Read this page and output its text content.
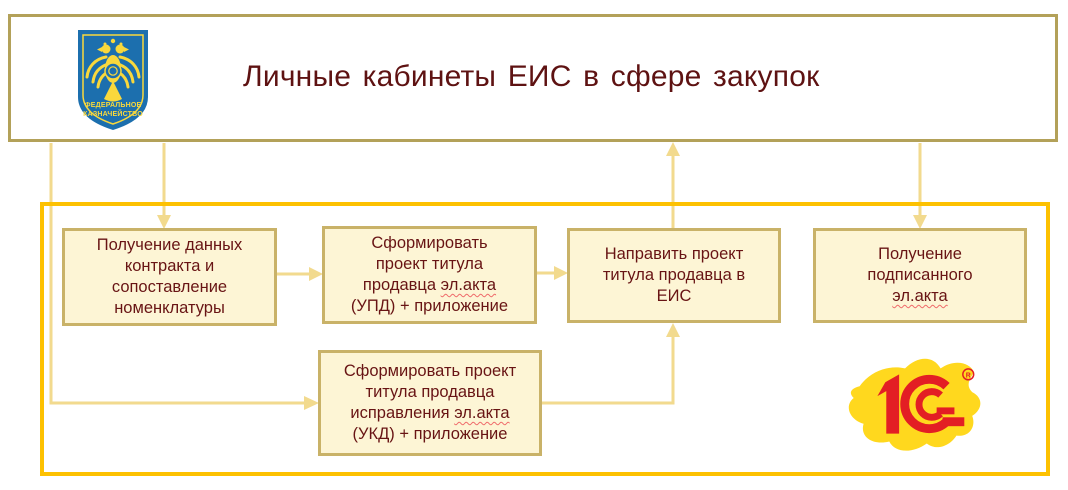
ФЕДЕРАЛЬНОЕ
КАЗНАЧЕЙСТВО
Личные кабинеты ЕИС в сфере закупок
Получение данных
контракта и
сопоставление
номенклатуры
Сформировать
проект титула
продавца эл.акта
(УПД) + приложение
Направить проект
титула продавца в
ЕИС
Получение
подписанного
эл.акта
Сформировать проект
титула продавца
исправления эл.акта
(УКД) + приложение
R
